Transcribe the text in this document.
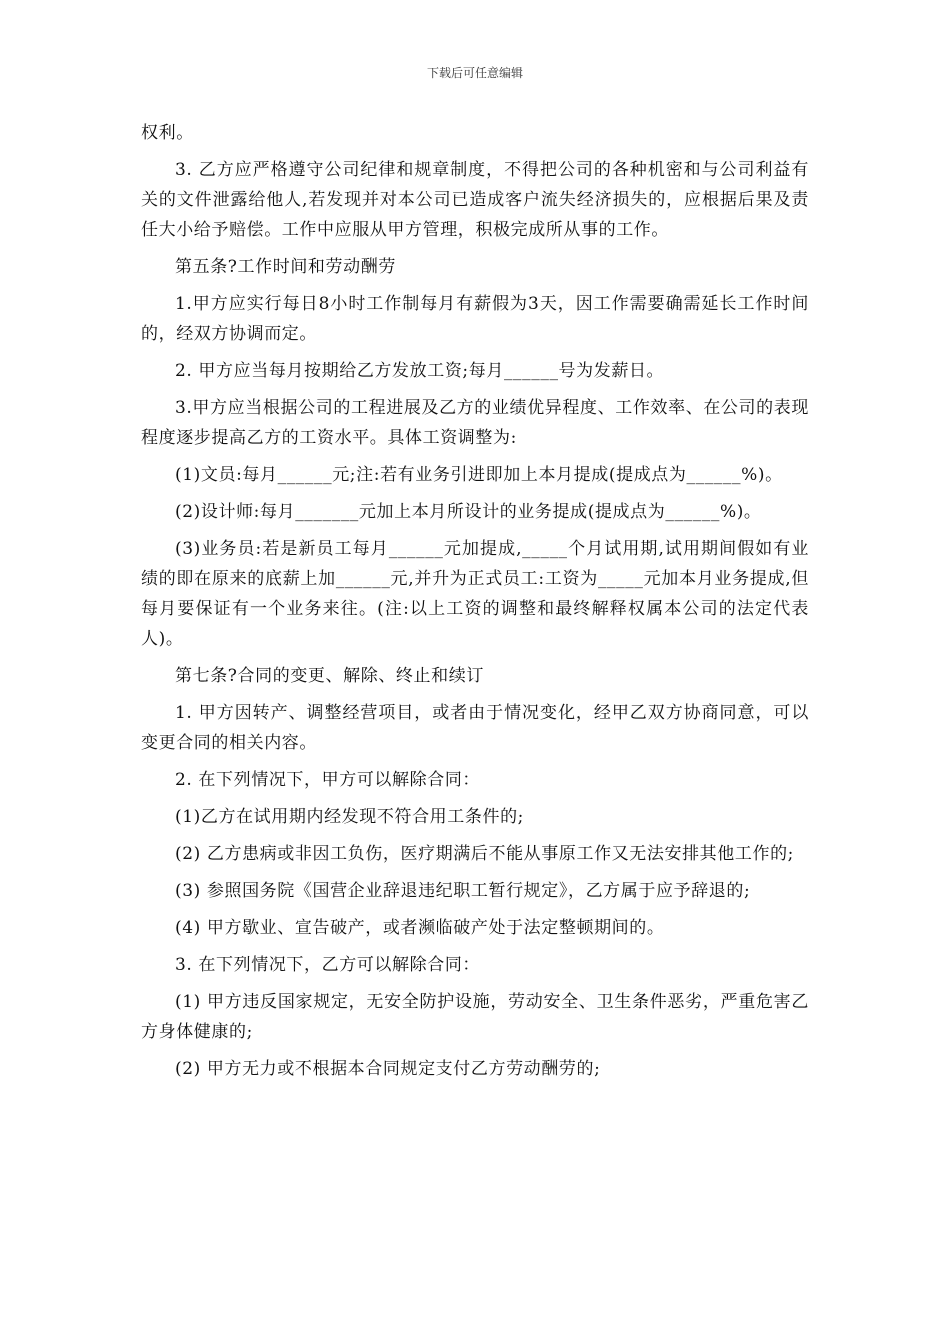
下载后可任意编辑

权利。

3. 乙方应严格遵守公司纪律和规章制度，不得把公司的各种机密和与公司利益有关的文件泄露给他人,若发现并对本公司已造成客户流失经济损失的，应根据后果及责任大小给予赔偿。工作中应服从甲方管理，积极完成所从事的工作。

第五条?工作时间和劳动酬劳

1.甲方应实行每日8小时工作制每月有薪假为3天，因工作需要确需延长工作时间的，经双方协调而定。

2. 甲方应当每月按期给乙方发放工资;每月______号为发薪日。

3.甲方应当根据公司的工程进展及乙方的业绩优异程度、工作效率、在公司的表现程度逐步提高乙方的工资水平。具体工资调整为:

(1)文员:每月______元;注:若有业务引进即加上本月提成(提成点为______%)。

(2)设计师:每月_______元加上本月所设计的业务提成(提成点为______%)。

(3)业务员:若是新员工每月______元加提成,_____个月试用期,试用期间假如有业绩的即在原来的底薪上加______元,并升为正式员工:工资为_____元加本月业务提成,但每月要保证有一个业务来往。(注:以上工资的调整和最终解释权属本公司的法定代表人)。

第七条?合同的变更、解除、终止和续订

1. 甲方因转产、调整经营项目，或者由于情况变化，经甲乙双方协商同意，可以变更合同的相关内容。

2. 在下列情况下，甲方可以解除合同：

(1)乙方在试用期内经发现不符合用工条件的;

(2) 乙方患病或非因工负伤，医疗期满后不能从事原工作又无法安排其他工作的;

(3) 参照国务院《国营企业辞退违纪职工暂行规定》，乙方属于应予辞退的;

(4) 甲方歇业、宣告破产，或者濒临破产处于法定整顿期间的。

3. 在下列情况下，乙方可以解除合同：

(1) 甲方违反国家规定，无安全防护设施，劳动安全、卫生条件恶劣，严重危害乙方身体健康的;

(2) 甲方无力或不根据本合同规定支付乙方劳动酬劳的;
